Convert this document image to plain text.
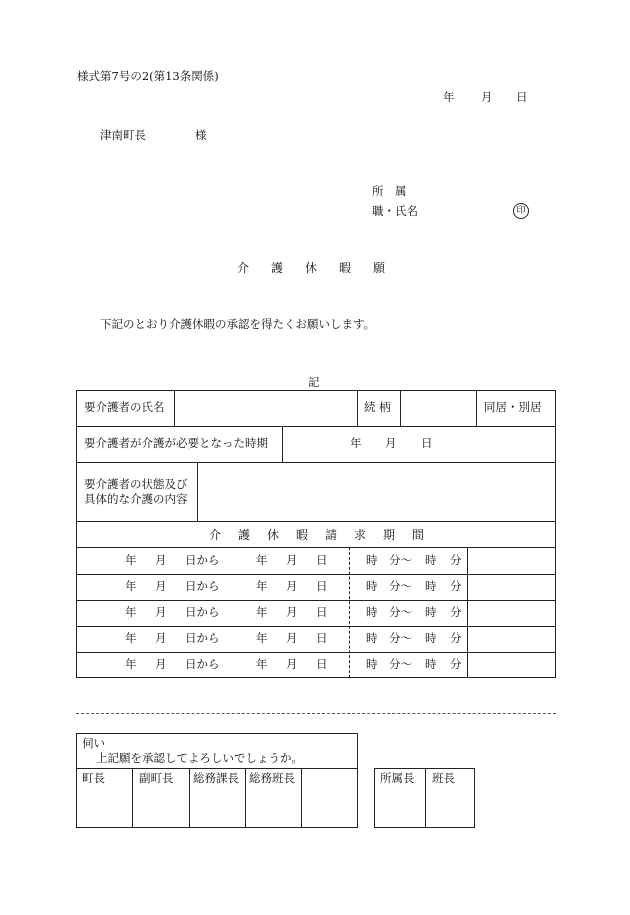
様式第7号の2(第13条関係)
年 月 日
津南町長	様
所　属
職・氏名	印
介護休暇願
下記のとおり介護休暇の承認を得たくお願いします。
記
要介護者の氏名	続 柄	同居・別居
要介護者が介護が必要となった時期	年 月 日
要介護者の状態及び
具体的な介護の内容
介護休暇請求期間
年 月 日から	年 月 日	時 分〜 時 分
年 月 日から	年 月 日	時 分〜 時 分
年 月 日から	年 月 日	時 分〜 時 分
年 月 日から	年 月 日	時 分〜 時 分
年 月 日から	年 月 日	時 分〜 時 分
伺い
上記願を承認してよろしいでしょうか。
町長	副町長 総務課長 総務班長	所属長 班長
